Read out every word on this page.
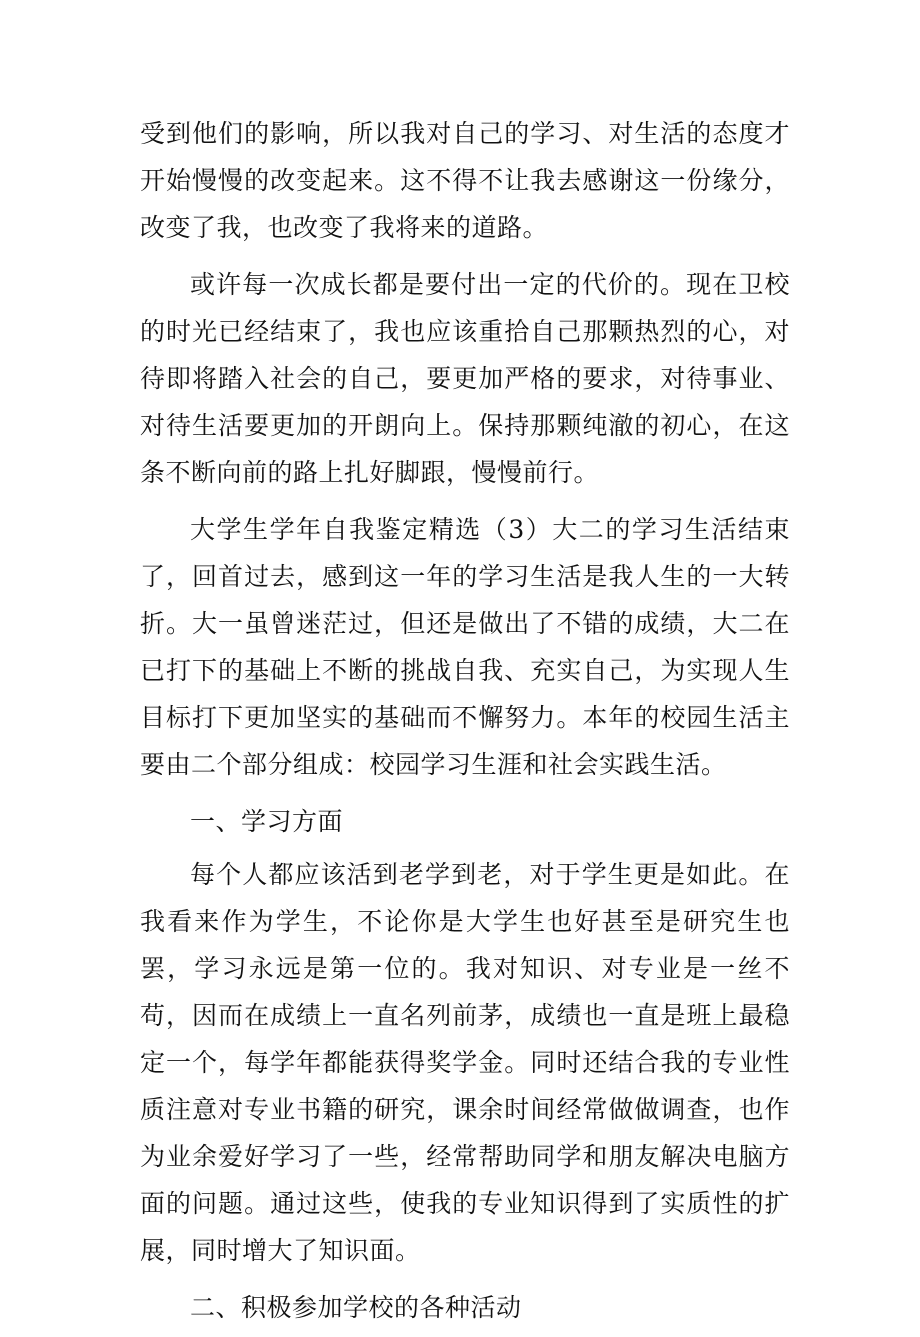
受到他们的影响，所以我对自己的学习、对生活的态度才开始慢慢的改变起来。这不得不让我去感谢这一份缘分，改变了我，也改变了我将来的道路。

或许每一次成长都是要付出一定的代价的。现在卫校的时光已经结束了，我也应该重拾自己那颗热烈的心，对待即将踏入社会的自己，要更加严格的要求，对待事业、对待生活要更加的开朗向上。保持那颗纯澈的初心，在这条不断向前的路上扎好脚跟，慢慢前行。

大学生学年自我鉴定精选（3）大二的学习生活结束了，回首过去，感到这一年的学习生活是我人生的一大转折。大一虽曾迷茫过，但还是做出了不错的成绩，大二在已打下的基础上不断的挑战自我、充实自己，为实现人生目标打下更加坚实的基础而不懈努力。本年的校园生活主要由二个部分组成：校园学习生涯和社会实践生活。

一、学习方面

每个人都应该活到老学到老，对于学生更是如此。在我看来作为学生，不论你是大学生也好甚至是研究生也罢，学习永远是第一位的。我对知识、对专业是一丝不苟，因而在成绩上一直名列前茅，成绩也一直是班上最稳定一个，每学年都能获得奖学金。同时还结合我的专业性质注意对专业书籍的研究，课余时间经常做做调查，也作为业余爱好学习了一些，经常帮助同学和朋友解决电脑方面的问题。通过这些，使我的专业知识得到了实质性的扩展，同时增大了知识面。

二、积极参加学校的各种活动
